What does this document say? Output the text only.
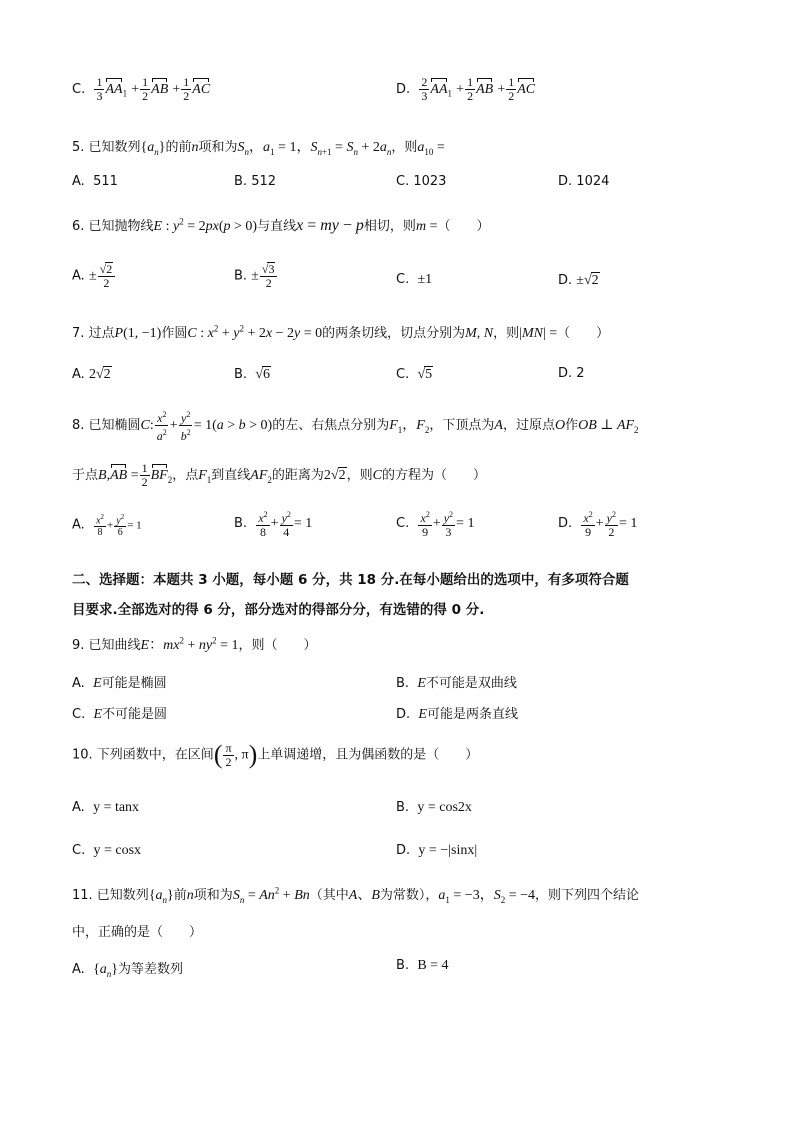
C. $\frac{1}{3} AA_1 + \frac{1}{2}$ AB + $\frac{1}{2}$ AC	D. $\frac{2}{3} AA_1 + \frac{1}{2}$ AB + $\frac{1}{2}$ AC
5. 已知数列$\{a_n\}$的前n项和为$S_n$，$a_1 = 1$，$S_{n+1} = S_n + 2a_n$，则$a_{10}$ =
A. 511	B. 512	C. 1023	D. 1024
6. 已知抛物线E : $y^2 = 2px(p > 0)$与直线x = my − p相切，则m =（　　）
A. ± $\frac{√2}{2}$	B. ± $\frac{√3}{2}$	C. ±1	D. ±√2
7. 过点P(1, −1)作圆C : $x^2 + y^2 + 2x - 2y = 0$的两条切线，切点分别为M, N，则|MN| =（　　）
A. 2√2	B. √6	C. √5	D. 2
8. 已知椭圆C: $\frac{x^2}{a^2} + \frac{y^2}{b^2} = 1(a > b > 0)$的左、右焦点分别为$F_1$，$F_2$，下顶点为A，过原点O作OB ⊥ $AF_2$
于点$B,AB = \frac{1}{2} BF_2$，点$F_1$到直线$AF_2$的距离为2√2，则C的方程为（　　）
A. $\frac{x^2}{8} + \frac{y^2}{6} = 1$	B. $\frac{x^2}{8} + \frac{y^2}{4} = 1$	C. $\frac{x^2}{9} + \frac{y^2}{3} = 1$	D. $\frac{x^2}{9} + \frac{y^2}{2} = 1$
二、选择题：本题共 3 小题，每小题 6 分，共 18 分.在每小题给出的选项中，有多项符合题
目要求.全部选对的得 6 分，部分选对的得部分分，有选错的得 0 分.
9. 已知曲线E：$mx^2 + ny^2 = 1$，则（　　）
A. E可能是椭圆	B. E不可能是双曲线
C. E不可能是圆	D. E可能是两条直线
10. 下列函数中，在区间( $\frac{\pi}{2}$ , π)上单调递增，且为偶函数的是（　　）
A. y = tanx	B. y = cos2x
C. y = cosx	D. y = −|sinx|
11. 已知数列$\{a_n\}$前n项和为$S_n = An^2 + Bn$（其中A、B为常数），$a_1 = -3$，$S_2 = -4$，则下列四个结论
中，正确的是（　　）
A. $\{a_n\}$为等差数列	B. B = 4
